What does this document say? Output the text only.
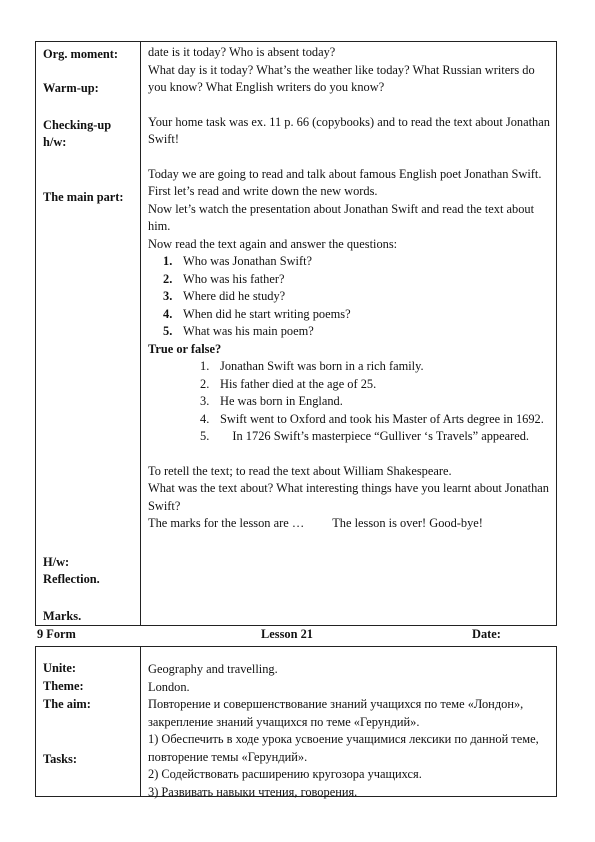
Org. moment:
Warm-up:
Checking-up
h/w:
The main part:
H/w:
Reflection.
Marks.

date is it today? Who is absent today?

What day is it today? What’s the weather like today? What Russian writers do you know? What English writers do you know?

Your home task was ex. 11 p. 66 (copybooks) and to read the text about Jonathan Swift!

Today we are going to read and talk about famous English poet Jonathan Swift.

First let’s read and write down the new words.

Now let’s watch the presentation about Jonathan Swift and read the text about him.

Now read the text again and answer the questions:

1. Who was Jonathan Swift?
2. Who was his father?
3. Where did he study?
4. When did he start writing poems?
5. What was his main poem?

True or false?

1. Jonathan Swift was born in a rich family.
2. His father died at the age of 25.
3. He was born in England.
4. Swift went to Oxford and took his Master of Arts degree in 1692.
5. In 1726 Swift’s masterpiece “Gulliver ‘s Travels” appeared.

To retell the text; to read the text about William Shakespeare.

What was the text about? What interesting things have you learnt about Jonathan Swift?

The marks for the lesson are … The lesson is over! Good-bye!

9 Form	Lesson 21	Date:
Unite:
Theme:
The aim:
Tasks:

Geography and travelling.

London.

Повторение и совершенствование знаний учащихся по теме «Лондон», закрепление знаний учащихся по теме «Герундий».

1) Обеспечить в ходе урока усвоение учащимися лексики по данной теме, повторение темы «Герундий».

2) Содействовать расширению кругозора учащихся.

3) Развивать навыки чтения, говорения.
